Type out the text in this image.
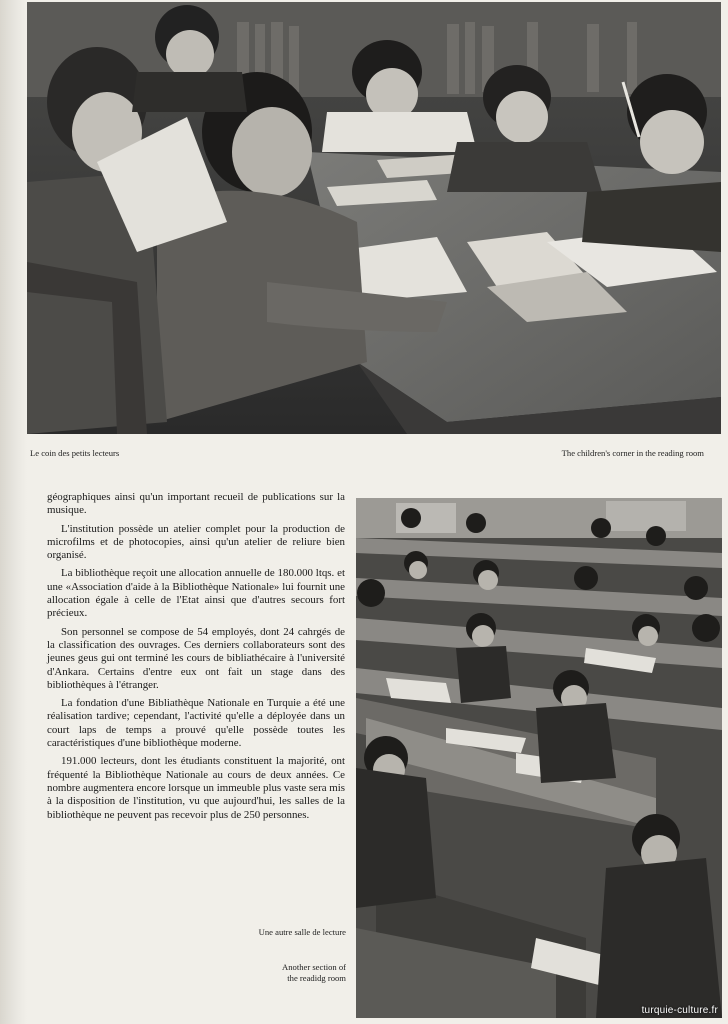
Le coin des petits lecteurs	The children's corner in the reading room

géographiques ainsi qu'un important recueil de publications sur la musique.

L'institution possède un atelier complet pour la production de microfilms et de photocopies, ainsi qu'un atelier de reliure bien organisé.

La bibliothèque reçoit une allocation annuelle de 180.000 ltqs. et une «Association d'aide à la Bibliothèque Nationale» lui fournit une allocation égale à celle de l'Etat ainsi que d'autres secours fort précieux.

Son personnel se compose de 54 employés, dont 24 cahrgés de la classification des ouvrages. Ces derniers collaborateurs sont des jeunes geus gui ont terminé les cours de bibliathécaire à l'université d'Ankara. Certains d'entre eux ont fait un stage dans des bibliothèques à l'étranger.

La fondation d'une Bibliathèque Nationale en Turquie a été une réalisation tardive; cependant, l'activité qu'elle a déployée dans un court laps de temps a prouvé qu'elle possède toutes les caractéristiques d'une bibliothèque moderne.

191.000 lecteurs, dont les étudiants constituent la majorité, ont fréquenté la Bibliothèque Nationale au cours de deux années. Ce nombre augmentera encore lorsque un immeuble plus vaste sera mis à la disposition de l'institution, vu que aujourd'hui, les salles de la bibliothèque ne peuvent pas recevoir plus de 250 personnes.

Une autre salle de lecture
Another section of
the readidg room
turquie-culture.fr
